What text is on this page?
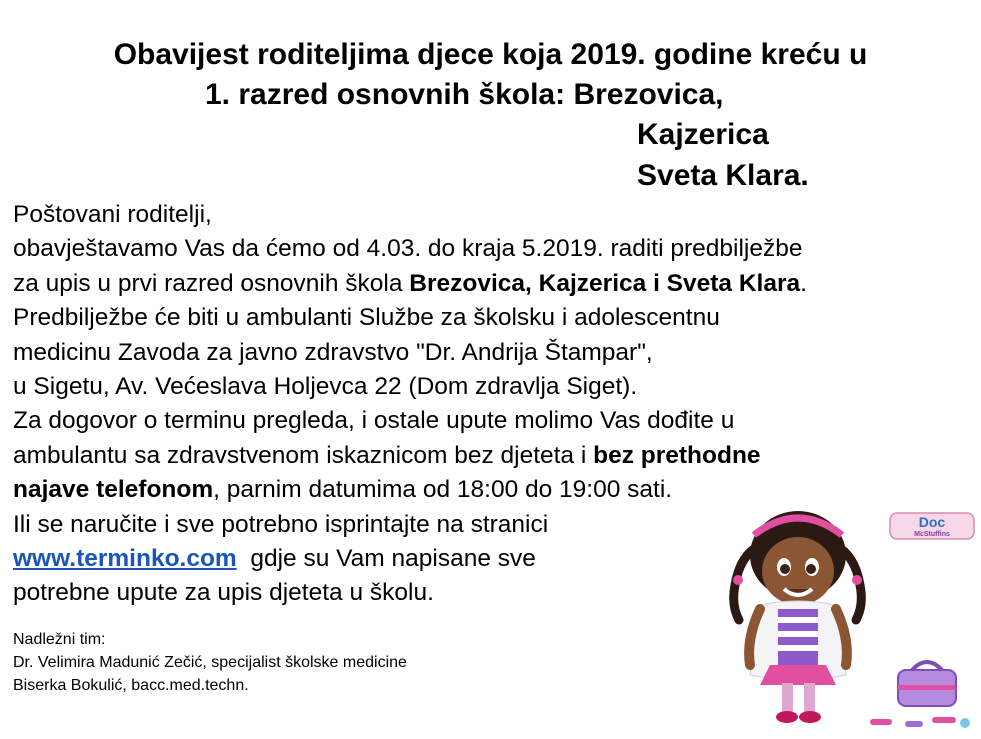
Obavijest roditeljima djece koja 2019. godine kreću u
1. razred osnovnih škola: Brezovica,
Kajzerica
Sveta Klara.
Poštovani roditelji,
obavještavamo Vas da ćemo od 4.03. do kraja 5.2019. raditi predbilježbe
za upis u prvi razred osnovnih škola Brezovica, Kajzerica i Sveta Klara.
Predbilježbe će biti u ambulanti Službe za školsku i adolescentnu
medicinu Zavoda za javno zdravstvo "Dr. Andrija Štampar",
u Sigetu, Av. Većeslava Holjevca 22 (Dom zdravlja Siget).
Za dogovor o terminu pregleda, i ostale upute molimo Vas dođite u
ambulantu sa zdravstvenom iskaznicom bez djeteta i bez prethodne
najave telefonom, parnim datumima od 18:00 do 19:00 sati.
Ili se naručite i sve potrebno isprintajte na stranici
www.terminko.com  gdje su Vam napisane sve
potrebne upute za upis djeteta u školu.
Nadležni tim:
Dr. Velimira Madunić Zečić, specijalist školske medicine
Biserka Bokulić, bacc.med.techn.
Doc
McStuffins
